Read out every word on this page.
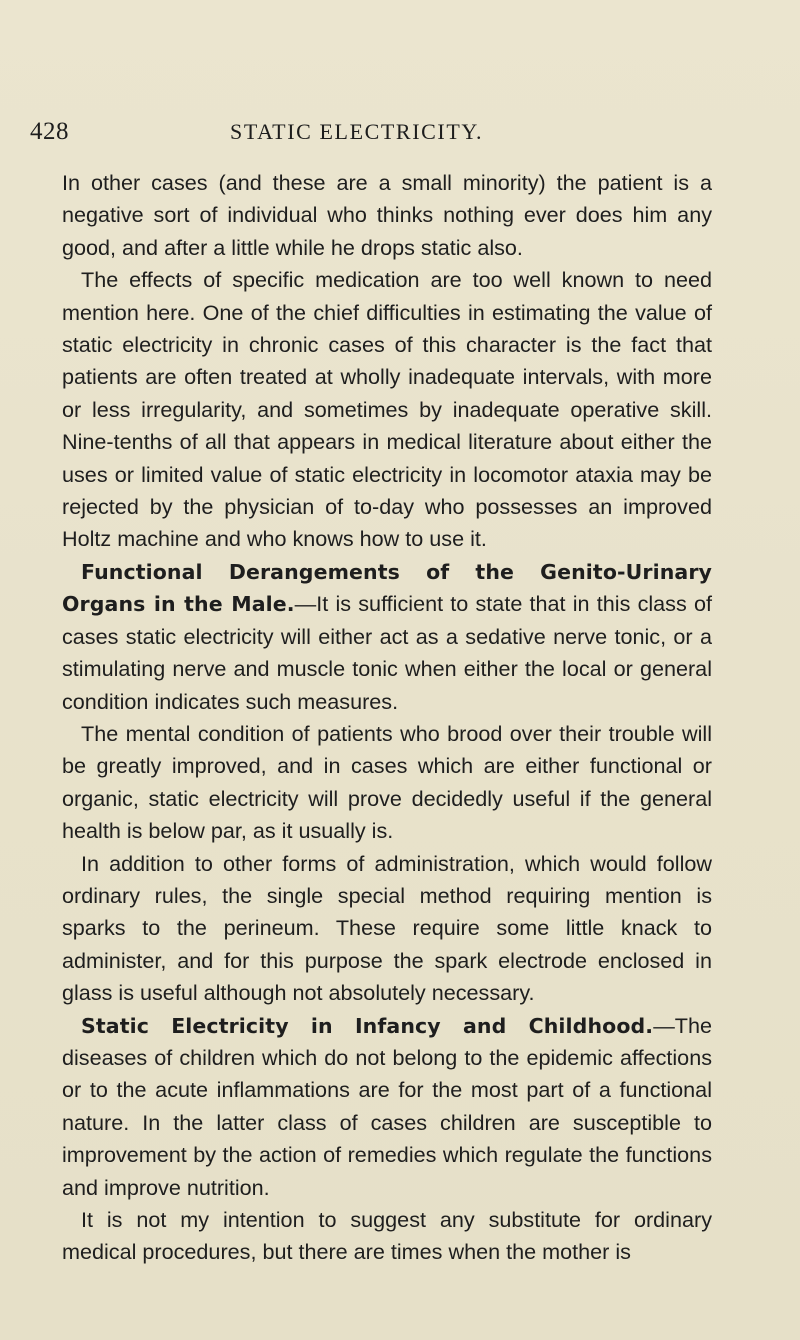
428	STATIC ELECTRICITY.

In other cases (and these are a small minority) the patient is a negative sort of individual who thinks nothing ever does him any good, and after a little while he drops static also.

The effects of specific medication are too well known to need mention here. One of the chief difficulties in estimating the value of static electricity in chronic cases of this character is the fact that patients are often treated at wholly inadequate intervals, with more or less irregularity, and sometimes by inadequate operative skill. Nine-tenths of all that appears in medical literature about either the uses or limited value of static electricity in locomotor ataxia may be rejected by the physician of to-day who possesses an improved Holtz machine and who knows how to use it.

Functional Derangements of the Genito-Urinary Organs in the Male.—It is sufficient to state that in this class of cases static electricity will either act as a sedative nerve tonic, or a stimulating nerve and muscle tonic when either the local or general condition indicates such measures.

The mental condition of patients who brood over their trouble will be greatly improved, and in cases which are either functional or organic, static electricity will prove decidedly useful if the general health is below par, as it usually is.

In addition to other forms of administration, which would follow ordinary rules, the single special method requiring mention is sparks to the perineum. These require some little knack to administer, and for this purpose the spark electrode enclosed in glass is useful although not absolutely necessary.

Static Electricity in Infancy and Childhood.—The diseases of children which do not belong to the epidemic affections or to the acute inflammations are for the most part of a functional nature. In the latter class of cases children are susceptible to improvement by the action of remedies which regulate the functions and improve nutrition.

It is not my intention to suggest any substitute for ordinary medical procedures, but there are times when the mother is
